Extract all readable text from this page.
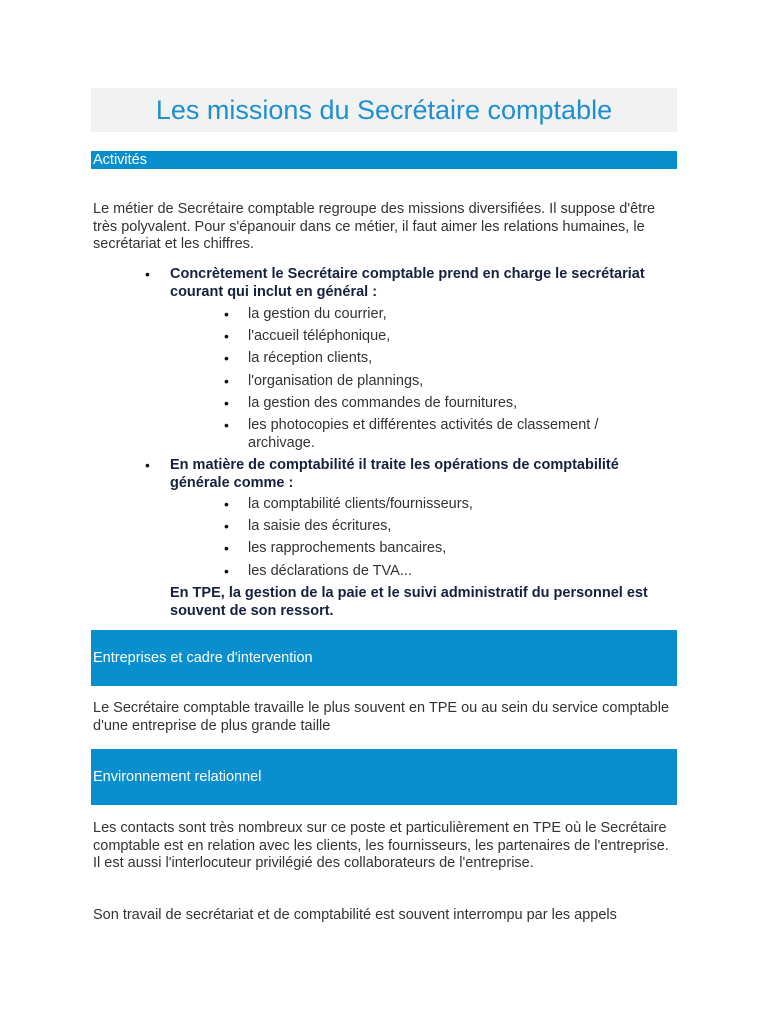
Les missions du Secrétaire comptable
Activités

Le métier de Secrétaire comptable regroupe des missions diversifiées. Il suppose d'être très polyvalent. Pour s'épanouir dans ce métier, il faut aimer les relations humaines, le secrétariat et les chiffres.

• Concrètement le Secrétaire comptable prend en charge le secrétariat courant qui inclut en général :
• la gestion du courrier,
• l'accueil téléphonique,
• la réception clients,
• l'organisation de plannings,
• la gestion des commandes de fournitures,
• les photocopies et différentes activités de classement / archivage.
• En matière de comptabilité il traite les opérations de comptabilité générale comme :
• la comptabilité clients/fournisseurs,
• la saisie des écritures,
• les rapprochements bancaires,
• les déclarations de TVA...

En TPE, la gestion de la paie et le suivi administratif du personnel est souvent de son ressort.

Entreprises et cadre d'intervention

Le Secrétaire comptable travaille le plus souvent en TPE ou au sein du service comptable d'une entreprise de plus grande taille

Environnement relationnel

Les contacts sont très nombreux sur ce poste et particulièrement en TPE où le Secrétaire comptable est en relation avec les clients, les fournisseurs, les partenaires de l'entreprise. Il est aussi l'interlocuteur privilégié des collaborateurs de l'entreprise.

Son travail de secrétariat et de comptabilité est souvent interrompu par les appels
